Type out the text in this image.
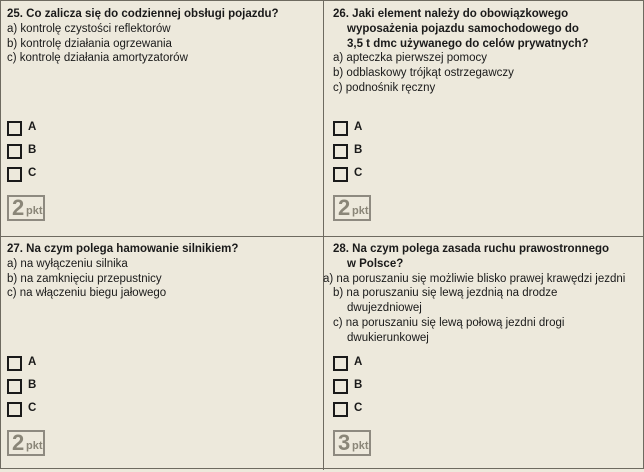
25. Co zalicza się do codziennej obsługi pojazdu?
a) kontrolę czystości reflektorów
b) kontrolę działania ogrzewania
c) kontrolę działania amortyzatorów
A
B
C
2 pkt
26. Jaki element należy do obowiązkowego
wyposażenia pojazdu samochodowego do
3,5 t dmc używanego do celów prywatnych?
a) apteczka pierwszej pomocy
b) odblaskowy trójkąt ostrzegawczy
c) podnośnik ręczny
A
B
C
2 pkt
27. Na czym polega hamowanie silnikiem?
a) na wyłączeniu silnika
b) na zamknięciu przepustnicy
c) na włączeniu biegu jałowego
A
B
C
2 pkt
28. Na czym polega zasada ruchu prawostronnego
w Polsce?
a) na poruszaniu się możliwie blisko prawej krawędzi jezdni
b) na poruszaniu się lewą jezdnią na drodze
dwujezdniowej
c) na poruszaniu się lewą połową jezdni drogi
dwukierunkowej
A
B
C
3 pkt
